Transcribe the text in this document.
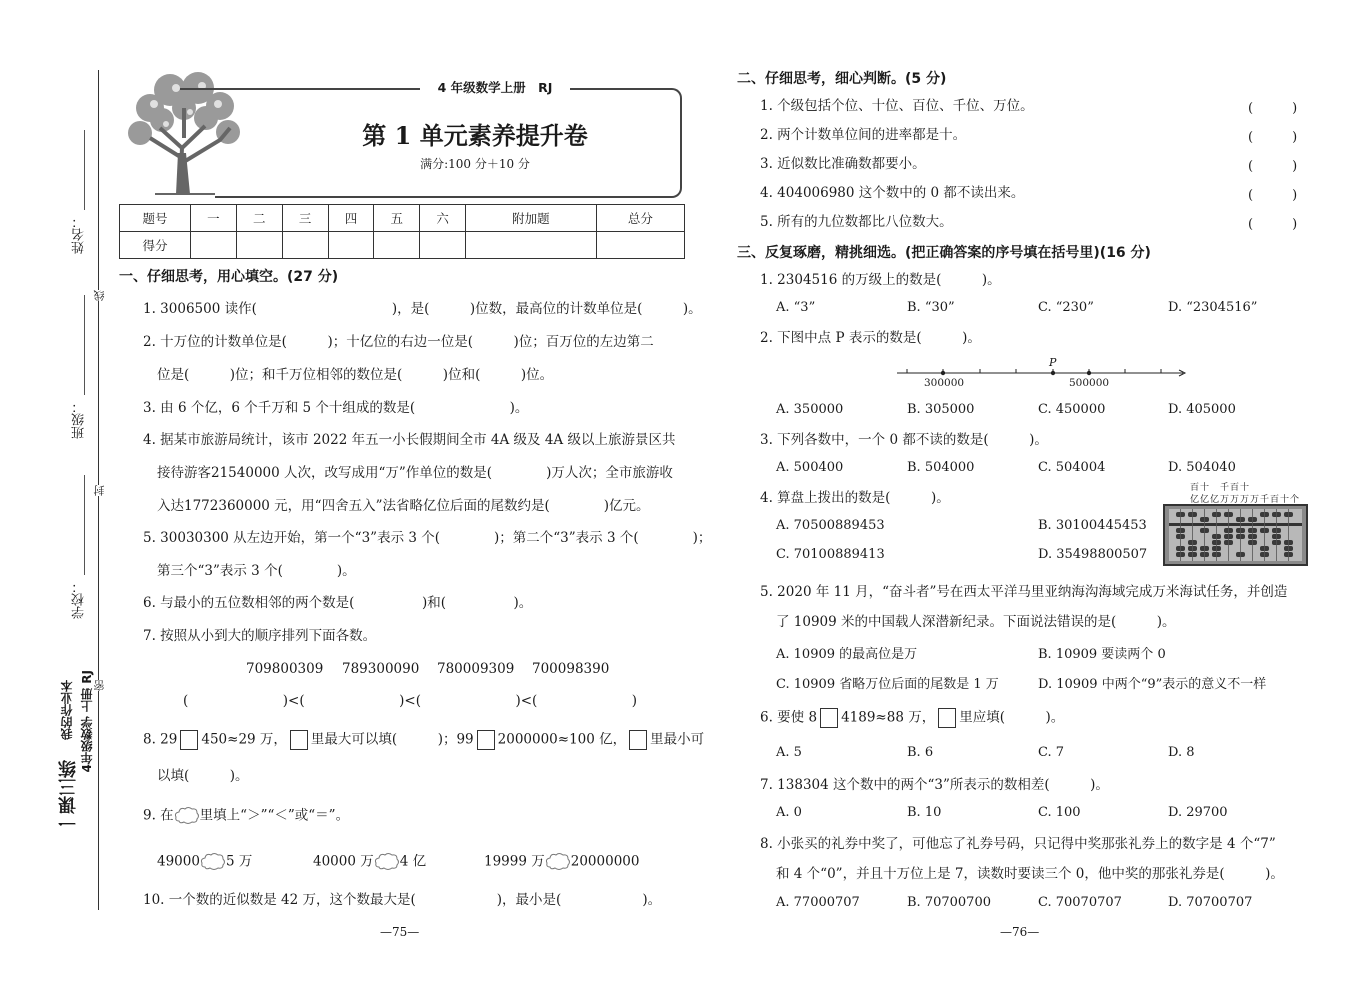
姓名：
班级：
学校：
线
封
密
一课三练
我的作业本 4年级数学 上册 RJ
4 年级数学上册　RJ
第 1 单元素养提升卷
满分:100 分＋10 分
题号	一	二	三	四	五	六	附加题	总分
得分								
一、仔细思考，用心填空。(27 分)
1. 3006500 读作(　　　　　　　　　　)，是(　　　)位数，最高位的计数单位是(　　　)。
2. 十万位的计数单位是(　　　)；十亿位的右边一位是(　　　)位；百万位的左边第二
位是(　　　)位；和千万位相邻的数位是(　　　)位和(　　　)位。
3. 由 6 个亿，6 个千万和 5 个十组成的数是(　　　　　　　)。
4. 据某市旅游局统计，该市 2022 年五一小长假期间全市 4A 级及 4A 级以上旅游景区共
接待游客21540000 人次，改写成用“万”作单位的数是(　　　　)万人次；全市旅游收
入达1772360000 元，用“四舍五入”法省略亿位后面的尾数约是(　　　　)亿元。
5. 30030300 从左边开始，第一个“3”表示 3 个(　　　　)；第二个“3”表示 3 个(　　　　)；
第三个“3”表示 3 个(　　　　)。
6. 与最小的五位数相邻的两个数是(　　　　　)和(　　　　　)。
7. 按照从小到大的顺序排列下面各数。
709800309 789300090 780009309 700098390
(　　　　　　　)<(　　　　　　　)<(　　　　　　　)<(　　　　　　　)
8. 29 450≈29 万， 里最大可以填(　　　)；99 2000000≈100 亿， 里最小可
以填(　　　)。
9. 在 里填上“＞”“＜”或“＝”。
49000 5 万	40000 万 4 亿	19999 万 20000000
10. 一个数的近似数是 42 万，这个数最大是(　　　　　　)，最小是(　　　　　　)。
—75—
二、仔细思考，细心判断。(5 分)
1. 个级包括个位、十位、百位、千位、万位。
2. 两个计数单位间的进率都是十。
3. 近似数比准确数都要小。
4. 404006980 这个数中的 0 都不读出来。
5. 所有的九位数都比八位数大。
(　　　)
(　　　)
(　　　)
(　　　)
(　　　)
三、反复琢磨，精挑细选。(把正确答案的序号填在括号里)(16 分)
1. 2304516 的万级上的数是(　　　)。
A. “3”	B. “30”	C. “230”	D. “2304516”
2. 下图中点 P 表示的数是(　　　)。
P
300000	500000
A. 350000	B. 305000	C. 450000	D. 405000
3. 下列各数中，一个 0 都不读的数是(　　　)。
A. 500400	B. 504000	C. 504004	D. 504040
4. 算盘上拨出的数是(　　　)。
A. 70500889453	B. 30100445453
C. 70100889413	D. 35498800507
百十　千百十
亿亿亿万万万万千百十个
5. 2020 年 11 月，“奋斗者”号在西太平洋马里亚纳海沟海域完成万米海试任务，并创造
了 10909 米的中国载人深潜新纪录。下面说法错误的是(　　　)。
A. 10909 的最高位是万	B. 10909 要读两个 0
C. 10909 省略万位后面的尾数是 1 万	D. 10909 中两个“9”表示的意义不一样
6. 要使 8 4189≈88 万， 里应填(　　　)。
A. 5	B. 6	C. 7	D. 8
7. 138304 这个数中的两个“3”所表示的数相差(　　　)。
A. 0	B. 10	C. 100	D. 29700
8. 小张买的礼券中奖了，可他忘了礼券号码，只记得中奖那张礼券上的数字是 4 个“7”
和 4 个“0”，并且十万位上是 7，读数时要读三个 0，他中奖的那张礼券是(　　　)。
A. 77000707	B. 70700700	C. 70070707	D. 70700707
—76—
